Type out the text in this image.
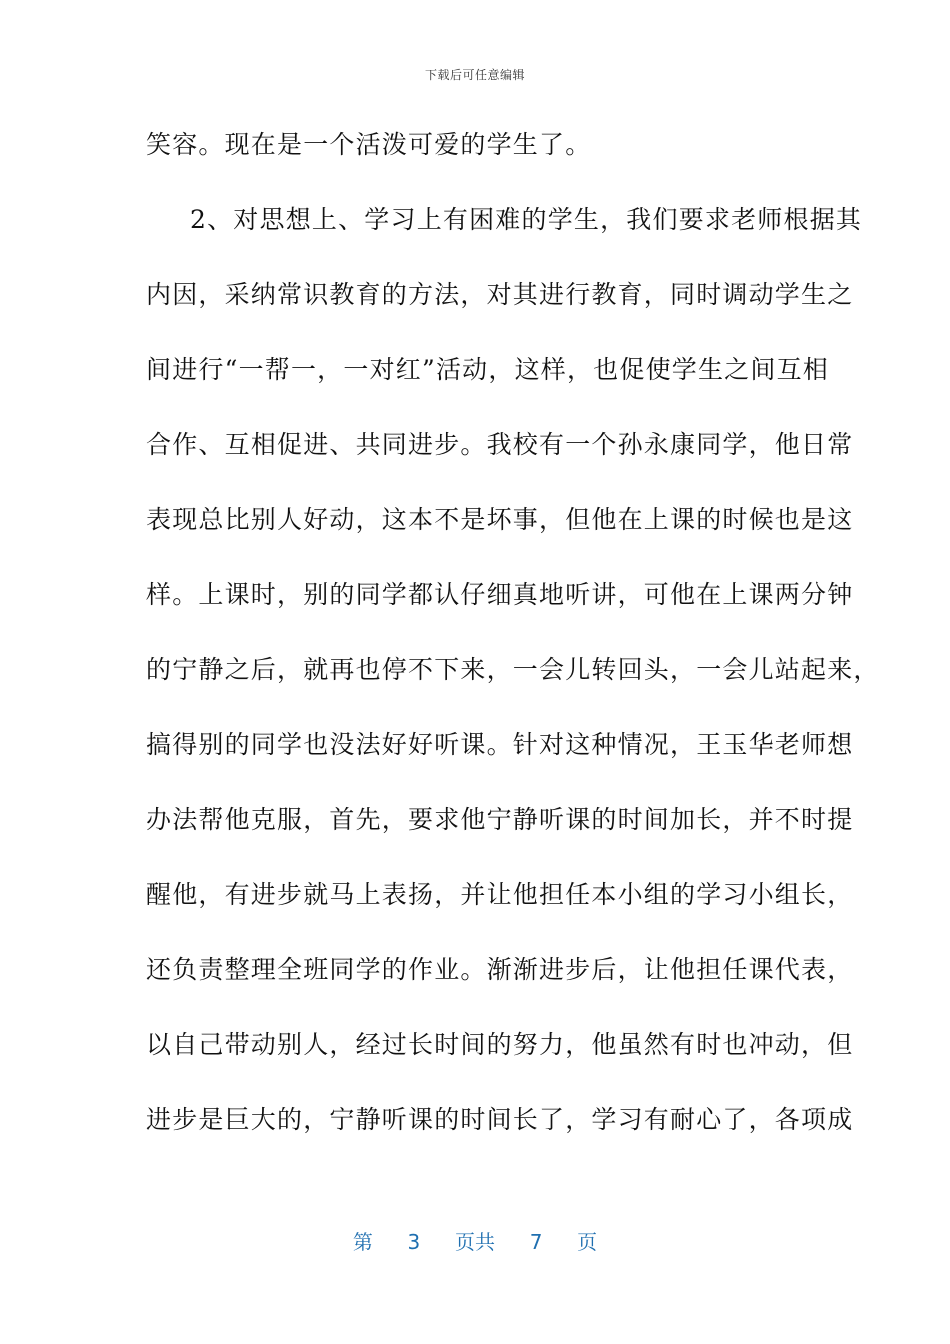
下载后可任意编辑
笑容。现在是一个活泼可爱的学生了。
2、对思想上、学习上有困难的学生，我们要求老师根据其
内因，采纳常识教育的方法，对其进行教育，同时调动学生之
间进行“一帮一，一对红”活动，这样，也促使学生之间互相
合作、互相促进、共同进步。我校有一个孙永康同学，他日常
表现总比别人好动，这本不是坏事，但他在上课的时候也是这
样。上课时，别的同学都认仔细真地听讲，可他在上课两分钟
的宁静之后，就再也停不下来，一会儿转回头，一会儿站起来，
搞得别的同学也没法好好听课。针对这种情况，王玉华老师想
办法帮他克服，首先，要求他宁静听课的时间加长，并不时提
醒他，有进步就马上表扬，并让他担任本小组的学习小组长，
还负责整理全班同学的作业。渐渐进步后，让他担任课代表，
以自己带动别人，经过长时间的努力，他虽然有时也冲动，但
进步是巨大的，宁静听课的时间长了，学习有耐心了，各项成
第 3 页共 7 页
